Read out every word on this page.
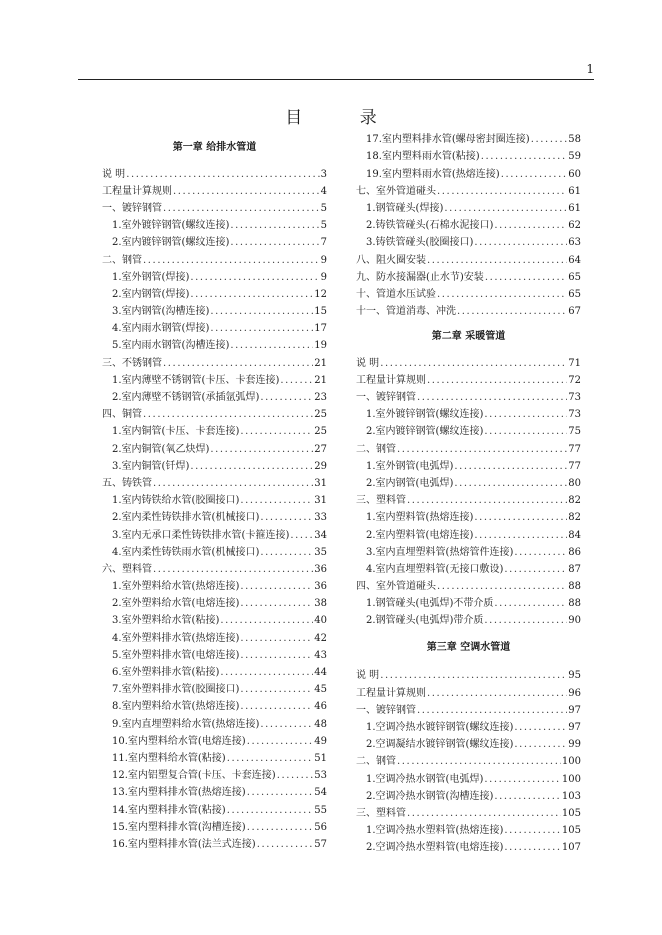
1
目 录
第一章 给排水管道
说 明 .....	3
工程量计算规则 .....	4
一、镀锌钢管 .....	5
1.室外镀锌钢管(螺纹连接) .....	5
2.室内镀锌钢管(螺纹连接) .....	7
二、钢管 .....	9
1.室外钢管(焊接) .....	9
2.室内钢管(焊接) .....	12
3.室内钢管(沟槽连接) .....	15
4.室内雨水钢管(焊接) .....	17
5.室内雨水钢管(沟槽连接) .....	19
三、不锈钢管 .....	21
1.室内薄壁不锈钢管(卡压、卡套连接) .....	21
2.室内薄壁不锈钢管(承插氩弧焊) .....	23
四、铜管 .....	25
1.室内铜管(卡压、卡套连接) .....	25
2.室内铜管(氧乙炔焊) .....	27
3.室内铜管(钎焊) .....	29
五、铸铁管 .....	31
1.室内铸铁给水管(胶圈接口) .....	31
2.室内柔性铸铁排水管(机械接口) .....	33
3.室内无承口柔性铸铁排水管(卡箍连接) ..... 34
4.室内柔性铸铁雨水管(机械接口) .....	35
六、塑料管 .....	36
1.室外塑料给水管(热熔连接) .....	36
2.室外塑料给水管(电熔连接) .....	38
3.室外塑料给水管(粘接) .....	40
4.室外塑料排水管(热熔连接) .....	42
5.室外塑料排水管(电熔连接) .....	43
6.室外塑料排水管(粘接) .....	44
7.室外塑料排水管(胶圈接口) .....	45
8.室内塑料给水管(热熔连接) .....	46
9.室内直埋塑料给水管(热熔连接) .....	48
10.室内塑料给水管(电熔连接) .....	49
11.室内塑料给水管(粘接) .....	51
12.室内铝塑复合管(卡压、卡套连接) .....	53
13.室内塑料排水管(热熔连接) .....	54
14.室内塑料排水管(粘接) .....	55
15.室内塑料排水管(沟槽连接) .....	56
16.室内塑料排水管(法兰式连接) .....	57
17.室内塑料排水管(螺母密封圈连接) .....	58
18.室内塑料雨水管(粘接) .....	59
19.室内塑料雨水管(热熔连接) .....	60
七、室外管道碰头 .....	61
1.钢管碰头(焊接) .....	61
2.铸铁管碰头(石棉水泥接口) .....	62
3.铸铁管碰头(胶圈接口) .....	63
八、阻火圈安装 .....	64
九、防水接漏器(止水节)安装 .....	65
十、管道水压试验 .....	65
十一、管道消毒、冲洗 .....	67
第二章 采暖管道
说 明 .....	71
工程量计算规则 .....	72
一、镀锌钢管 .....	73
1.室外镀锌钢管(螺纹连接) .....	73
2.室内镀锌钢管(螺纹连接) .....	75
二、钢管 .....	77
1.室外钢管(电弧焊) .....	77
2.室内钢管(电弧焊) .....	80
三、塑料管 .....	82
1.室内塑料管(热熔连接) .....	82
2.室内塑料管(电熔连接) .....	84
3.室内直埋塑料管(热熔管件连接) .....	86
4.室内直埋塑料管(无接口敷设) .....	87
四、室外管道碰头 .....	88
1.钢管碰头(电弧焊)不带介质 .....	88
2.钢管碰头(电弧焊)带介质 .....	90
第三章 空调水管道
说 明 .....	95
工程量计算规则 .....	96
一、镀锌钢管 .....	97
1.空调冷热水镀锌钢管(螺纹连接) .....	97
2.空调凝结水镀锌钢管(螺纹连接) .....	99
二、钢管 .....	100
1.空调冷热水钢管(电弧焊) .....	100
2.空调冷热水钢管(沟槽连接) .....	103
三、塑料管 .....	105
1.空调冷热水塑料管(热熔连接) .....	105
2.空调冷热水塑料管(电熔连接) .....	107
